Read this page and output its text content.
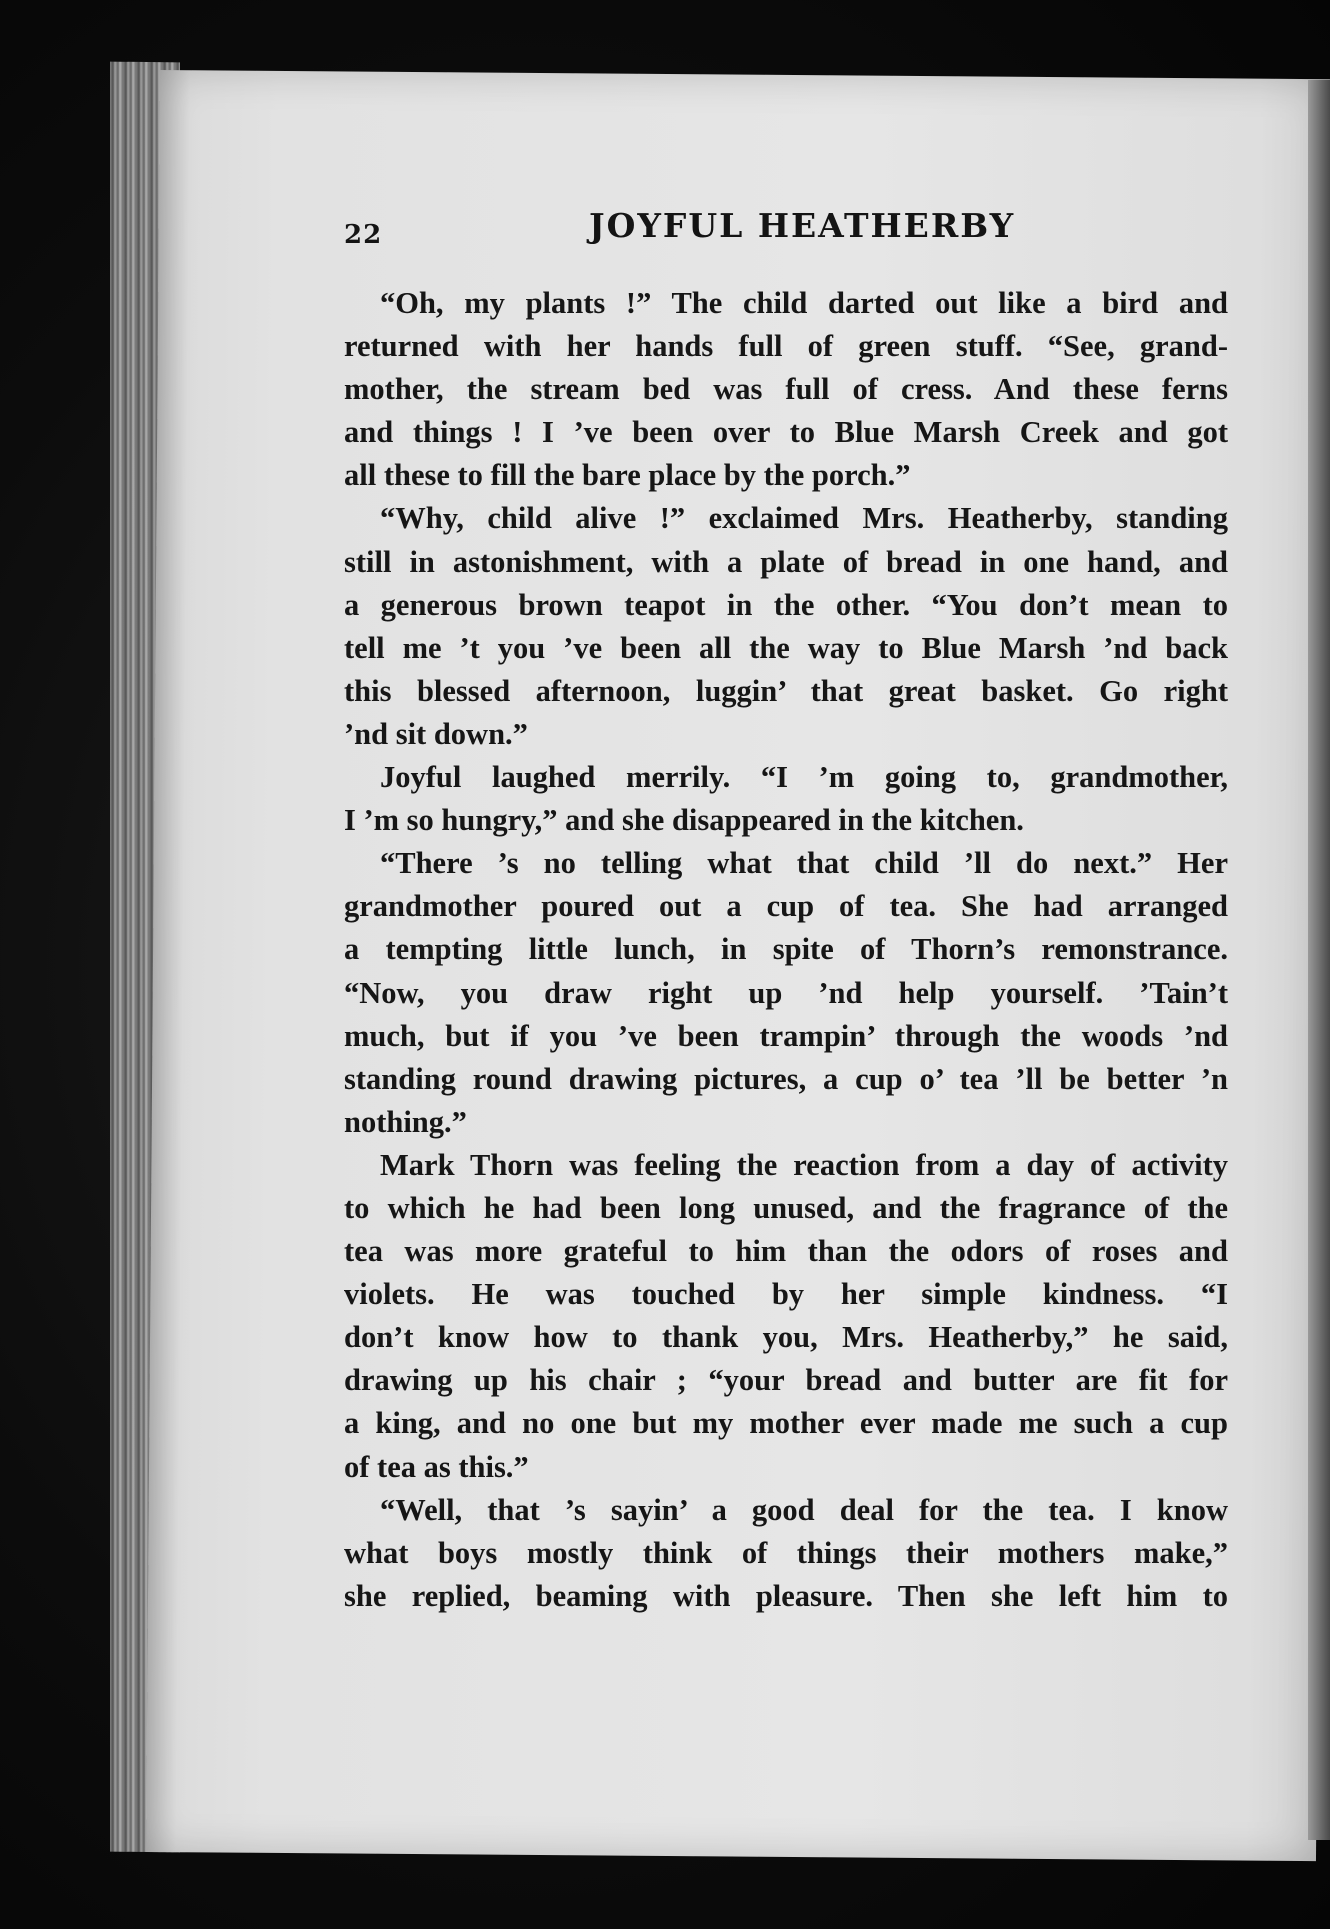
22	JOYFUL HEATHERBY
“Oh, my plants !” The child darted out like a bird and
returned with her hands full of green stuff. “See, grand-
mother, the stream bed was full of cress. And these ferns
and things ! I ’ve been over to Blue Marsh Creek and got
all these to fill the bare place by the porch.”
“Why, child alive !” exclaimed Mrs. Heatherby, standing
still in astonishment, with a plate of bread in one hand, and
a generous brown teapot in the other. “You don’t mean to
tell me ’t you ’ve been all the way to Blue Marsh ’nd back
this blessed afternoon, luggin’ that great basket. Go right
’nd sit down.”
Joyful laughed merrily. “I ’m going to, grandmother,
I ’m so hungry,” and she disappeared in the kitchen.
“There ’s no telling what that child ’ll do next.” Her
grandmother poured out a cup of tea. She had arranged
a tempting little lunch, in spite of Thorn’s remonstrance.
“Now, you draw right up ’nd help yourself. ’Tain’t
much, but if you ’ve been trampin’ through the woods ’nd
standing round drawing pictures, a cup o’ tea ’ll be better ’n
nothing.”
Mark Thorn was feeling the reaction from a day of activity
to which he had been long unused, and the fragrance of the
tea was more grateful to him than the odors of roses and
violets. He was touched by her simple kindness. “I
don’t know how to thank you, Mrs. Heatherby,” he said,
drawing up his chair ; “your bread and butter are fit for
a king, and no one but my mother ever made me such a cup
of tea as this.”
“Well, that ’s sayin’ a good deal for the tea. I know
what boys mostly think of things their mothers make,”
she replied, beaming with pleasure. Then she left him to
